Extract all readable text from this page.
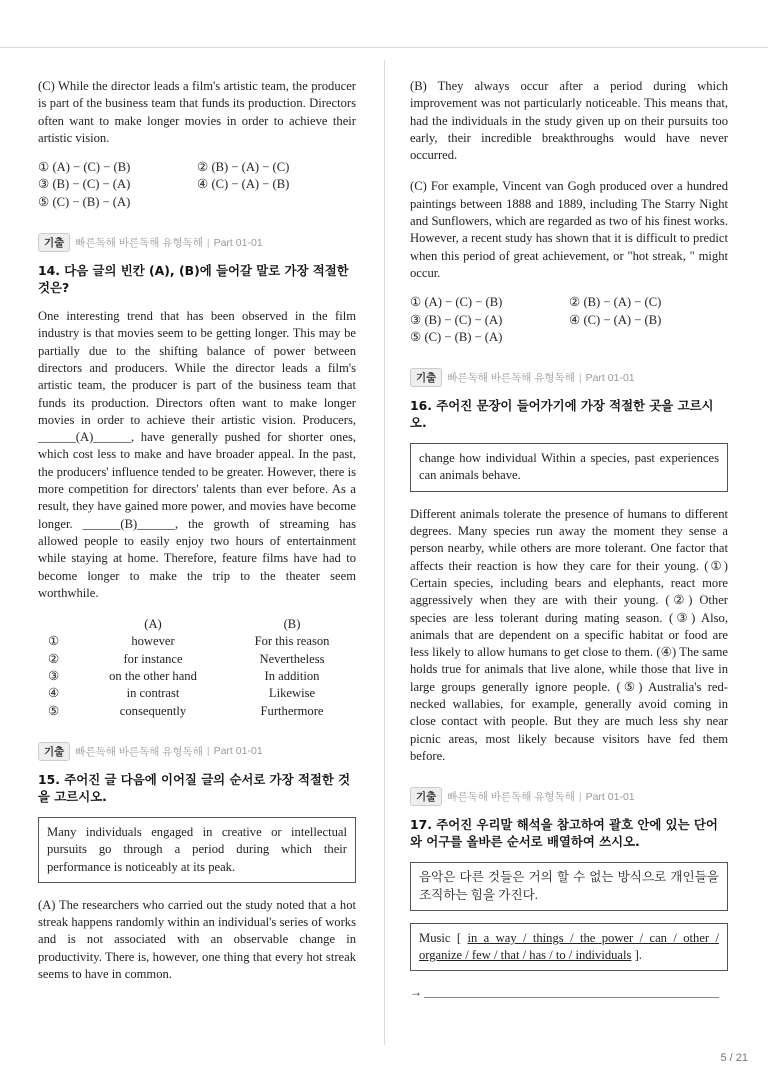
(C) While the director leads a film's artistic team, the producer is part of the business team that funds its production. Directors often want to make longer movies in order to achieve their artistic vision.

① (A) − (C) − (B)	② (B) − (A) − (C)
③ (B) − (C) − (A)	④ (C) − (A) − (B)
⑤ (C) − (B) − (A)
기출	빠른독해 바른독해 유형독해 | Part 01-01
14. 다음 글의 빈칸 (A), (B)에 들어갈 말로 가장 적절한 것은?

One interesting trend that has been observed in the film industry is that movies seem to be getting longer. This may be partially due to the shifting balance of power between directors and producers. While the director leads a film's artistic team, the producer is part of the business team that funds its production. Directors often want to make longer movies in order to achieve their artistic vision. Producers, ______(A)______, have generally pushed for shorter ones, which cost less to make and have broader appeal. In the past, the producers' influence tended to be greater. However, there is more competition for directors' talents than ever before. As a result, they have gained more power, and movies have become longer. ______(B)______, the growth of streaming has allowed people to easily enjoy two hours of entertainment while staying at home. Therefore, feature films have had to become longer to make the trip to the theater seem worthwhile.

	(A)	(B)
①	however	For this reason
②	for instance	Nevertheless
③	on the other hand	In addition
④	in contrast	Likewise
⑤	consequently	Furthermore
기출	빠른독해 바른독해 유형독해 | Part 01-01
15. 주어진 글 다음에 이어질 글의 순서로 가장 적절한 것을 고르시오.
Many individuals engaged in creative or intellectual pursuits go through a period during which their performance is noticeably at its peak.

(A) The researchers who carried out the study noted that a hot streak happens randomly within an individual's series of works and is not associated with an observable change in productivity. There is, however, one thing that every hot streak seems to have in common.

(B) They always occur after a period during which improvement was not particularly noticeable. This means that, had the individuals in the study given up on their pursuits too early, their incredible breakthroughs would have never occurred.

(C) For example, Vincent van Gogh produced over a hundred paintings between 1888 and 1889, including The Starry Night and Sunflowers, which are regarded as two of his finest works. However, a recent study has shown that it is difficult to predict when this period of great achievement, or "hot streak, " might occur.

① (A) − (C) − (B)	② (B) − (A) − (C)
③ (B) − (C) − (A)	④ (C) − (A) − (B)
⑤ (C) − (B) − (A)
기출	빠른독해 바른독해 유형독해 | Part 01-01
16. 주어진 문장이 들어가기에 가장 적절한 곳을 고르시오.
change how individual Within a species, past experiences can animals behave.

Different animals tolerate the presence of humans to different degrees. Many species run away the moment they sense a person nearby, while others are more tolerant. One factor that affects their reaction is how they care for their young. (①) Certain species, including bears and elephants, react more aggressively when they are with their young. (②) Other species are less tolerant during mating season. (③) Also, animals that are dependent on a specific habitat or food are less likely to allow humans to get close to them. (④) The same holds true for animals that live alone, while those that live in large groups generally ignore people. (⑤) Australia's red-necked wallabies, for example, generally avoid coming in close contact with people. But they are much less shy near picnic areas, most likely because visitors have fed them before.

기출	빠른독해 바른독해 유형독해 | Part 01-01
17. 주어진 우리말 해석을 참고하여 괄호 안에 있는 단어와 어구를 올바른 순서로 배열하여 쓰시오.
음악은 다른 것들은 거의 할 수 없는 방식으로 개인들을 조직하는 힘을 가진다.
Music [ in a way / things / the power / can / other / organize / few / that / has / to / individuals ].
→
5 / 21
